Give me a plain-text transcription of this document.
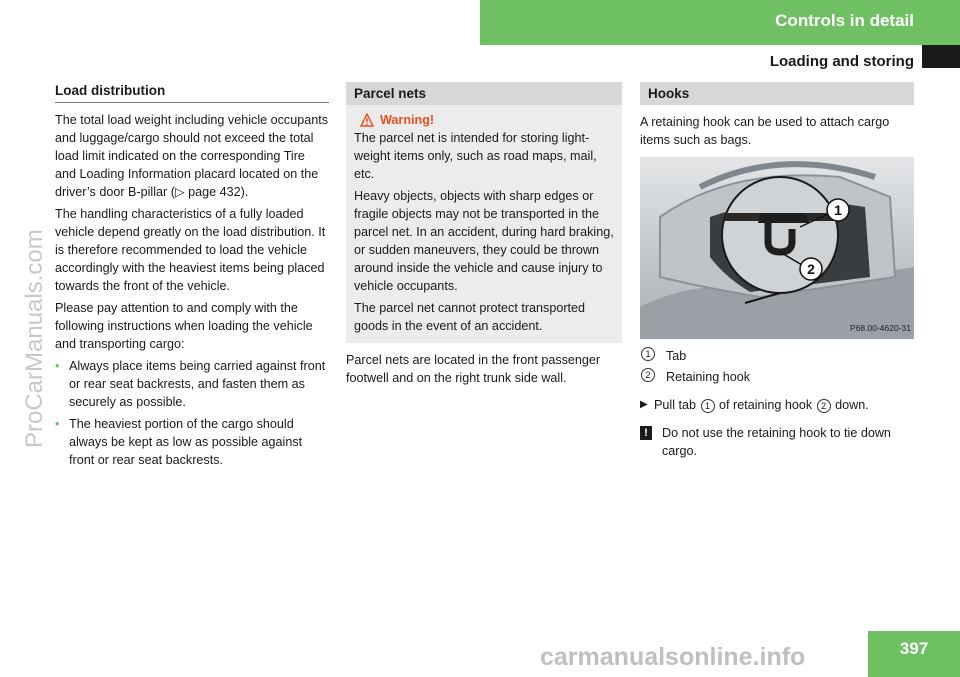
Controls in detail
Loading and storing
ProCarManuals.com
Load distribution

The total load weight including vehicle occupants and luggage/cargo should not exceed the total load limit indicated on the corresponding Tire and Loading Information placard located on the driver’s door B-pillar (▷ page 432).

The handling characteristics of a fully loaded vehicle depend greatly on the load distribution. It is therefore recommended to load the vehicle accordingly with the heaviest items being placed towards the front of the vehicle.

Please pay attention to and comply with the following instructions when loading the vehicle and transporting cargo:

• Always place items being carried against front or rear seat backrests, and fasten them as securely as possible.
• The heaviest portion of the cargo should always be kept as low as possible against front or rear seat backrests.
Parcel nets
Warning!

The parcel net is intended for storing light-weight items only, such as road maps, mail, etc.

Heavy objects, objects with sharp edges or fragile objects may not be transported in the parcel net. In an accident, during hard braking, or sudden maneuvers, they could be thrown around inside the vehicle and cause injury to vehicle occupants.

The parcel net cannot protect transported goods in the event of an accident.

Parcel nets are located in the front passenger footwell and on the right trunk side wall.

Hooks

A retaining hook can be used to attach cargo items such as bags.

1
2
P68.00-4620-31
1	Tab
2	Retaining hook
▶ Pull tab 1 of retaining hook 2 down.
!	Do not use the retaining hook to tie down cargo.
397
carmanualsonline.info
